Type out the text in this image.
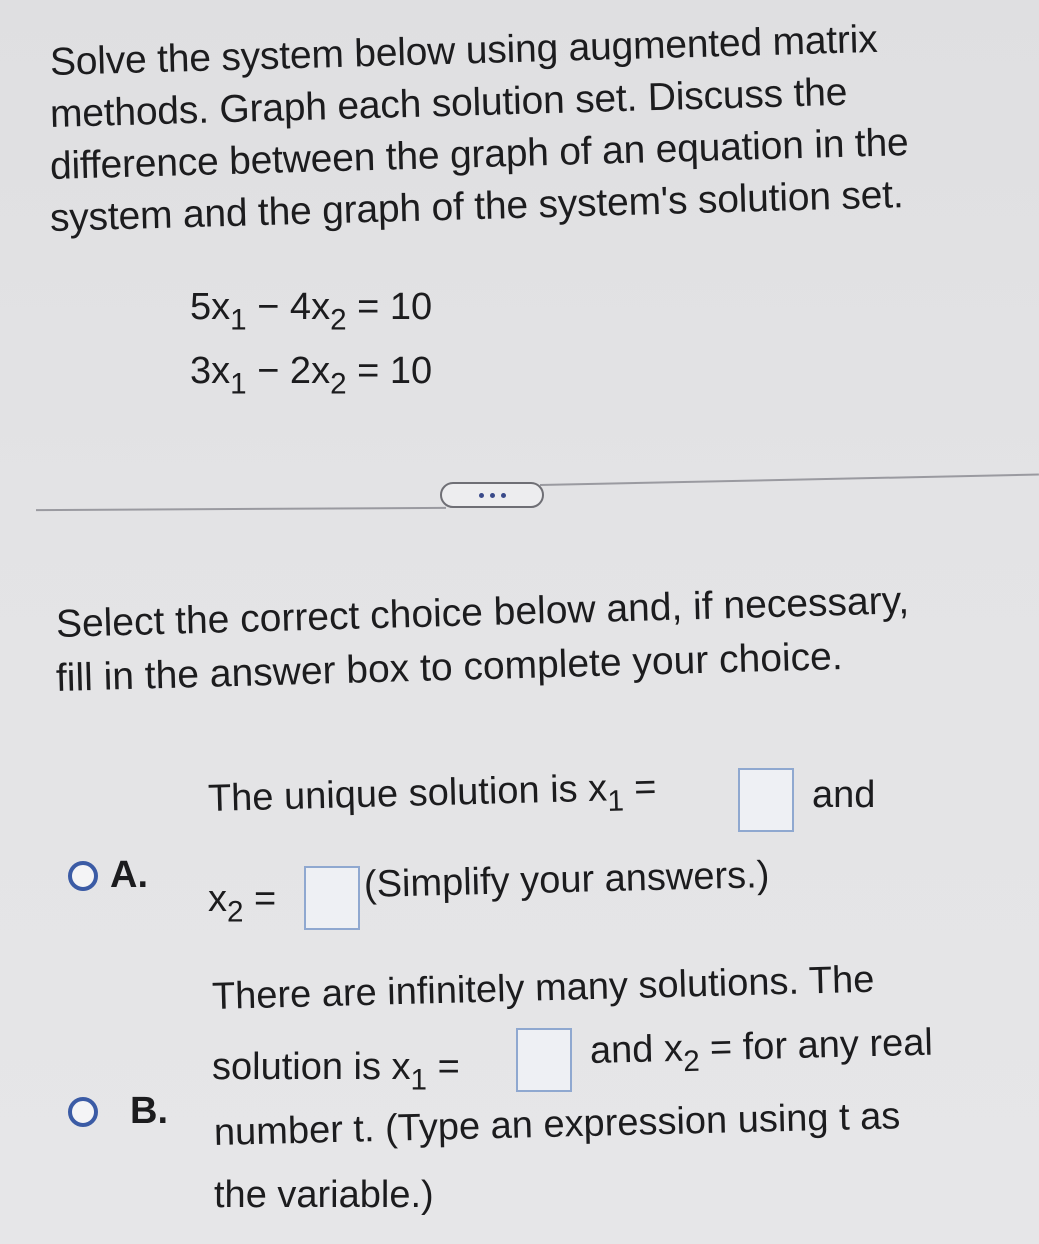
Solve the system below using augmented matrix
methods. Graph each solution set. Discuss the
difference between the graph of an equation in the
system and the graph of the system's solution set.
$5x_1 - 4x_2 = 10$
$3x_1 - 2x_2 = 10$
Select the correct choice below and, if necessary,
fill in the answer box to complete your choice.
A.
The unique solution is $x_1$ =	and
$x_2$ = (Simplify your answers.)
B.
There are infinitely many solutions. The
solution is $x_1$ =	and $x_2$ = for any real
number t. (Type an expression using t as
the variable.)
